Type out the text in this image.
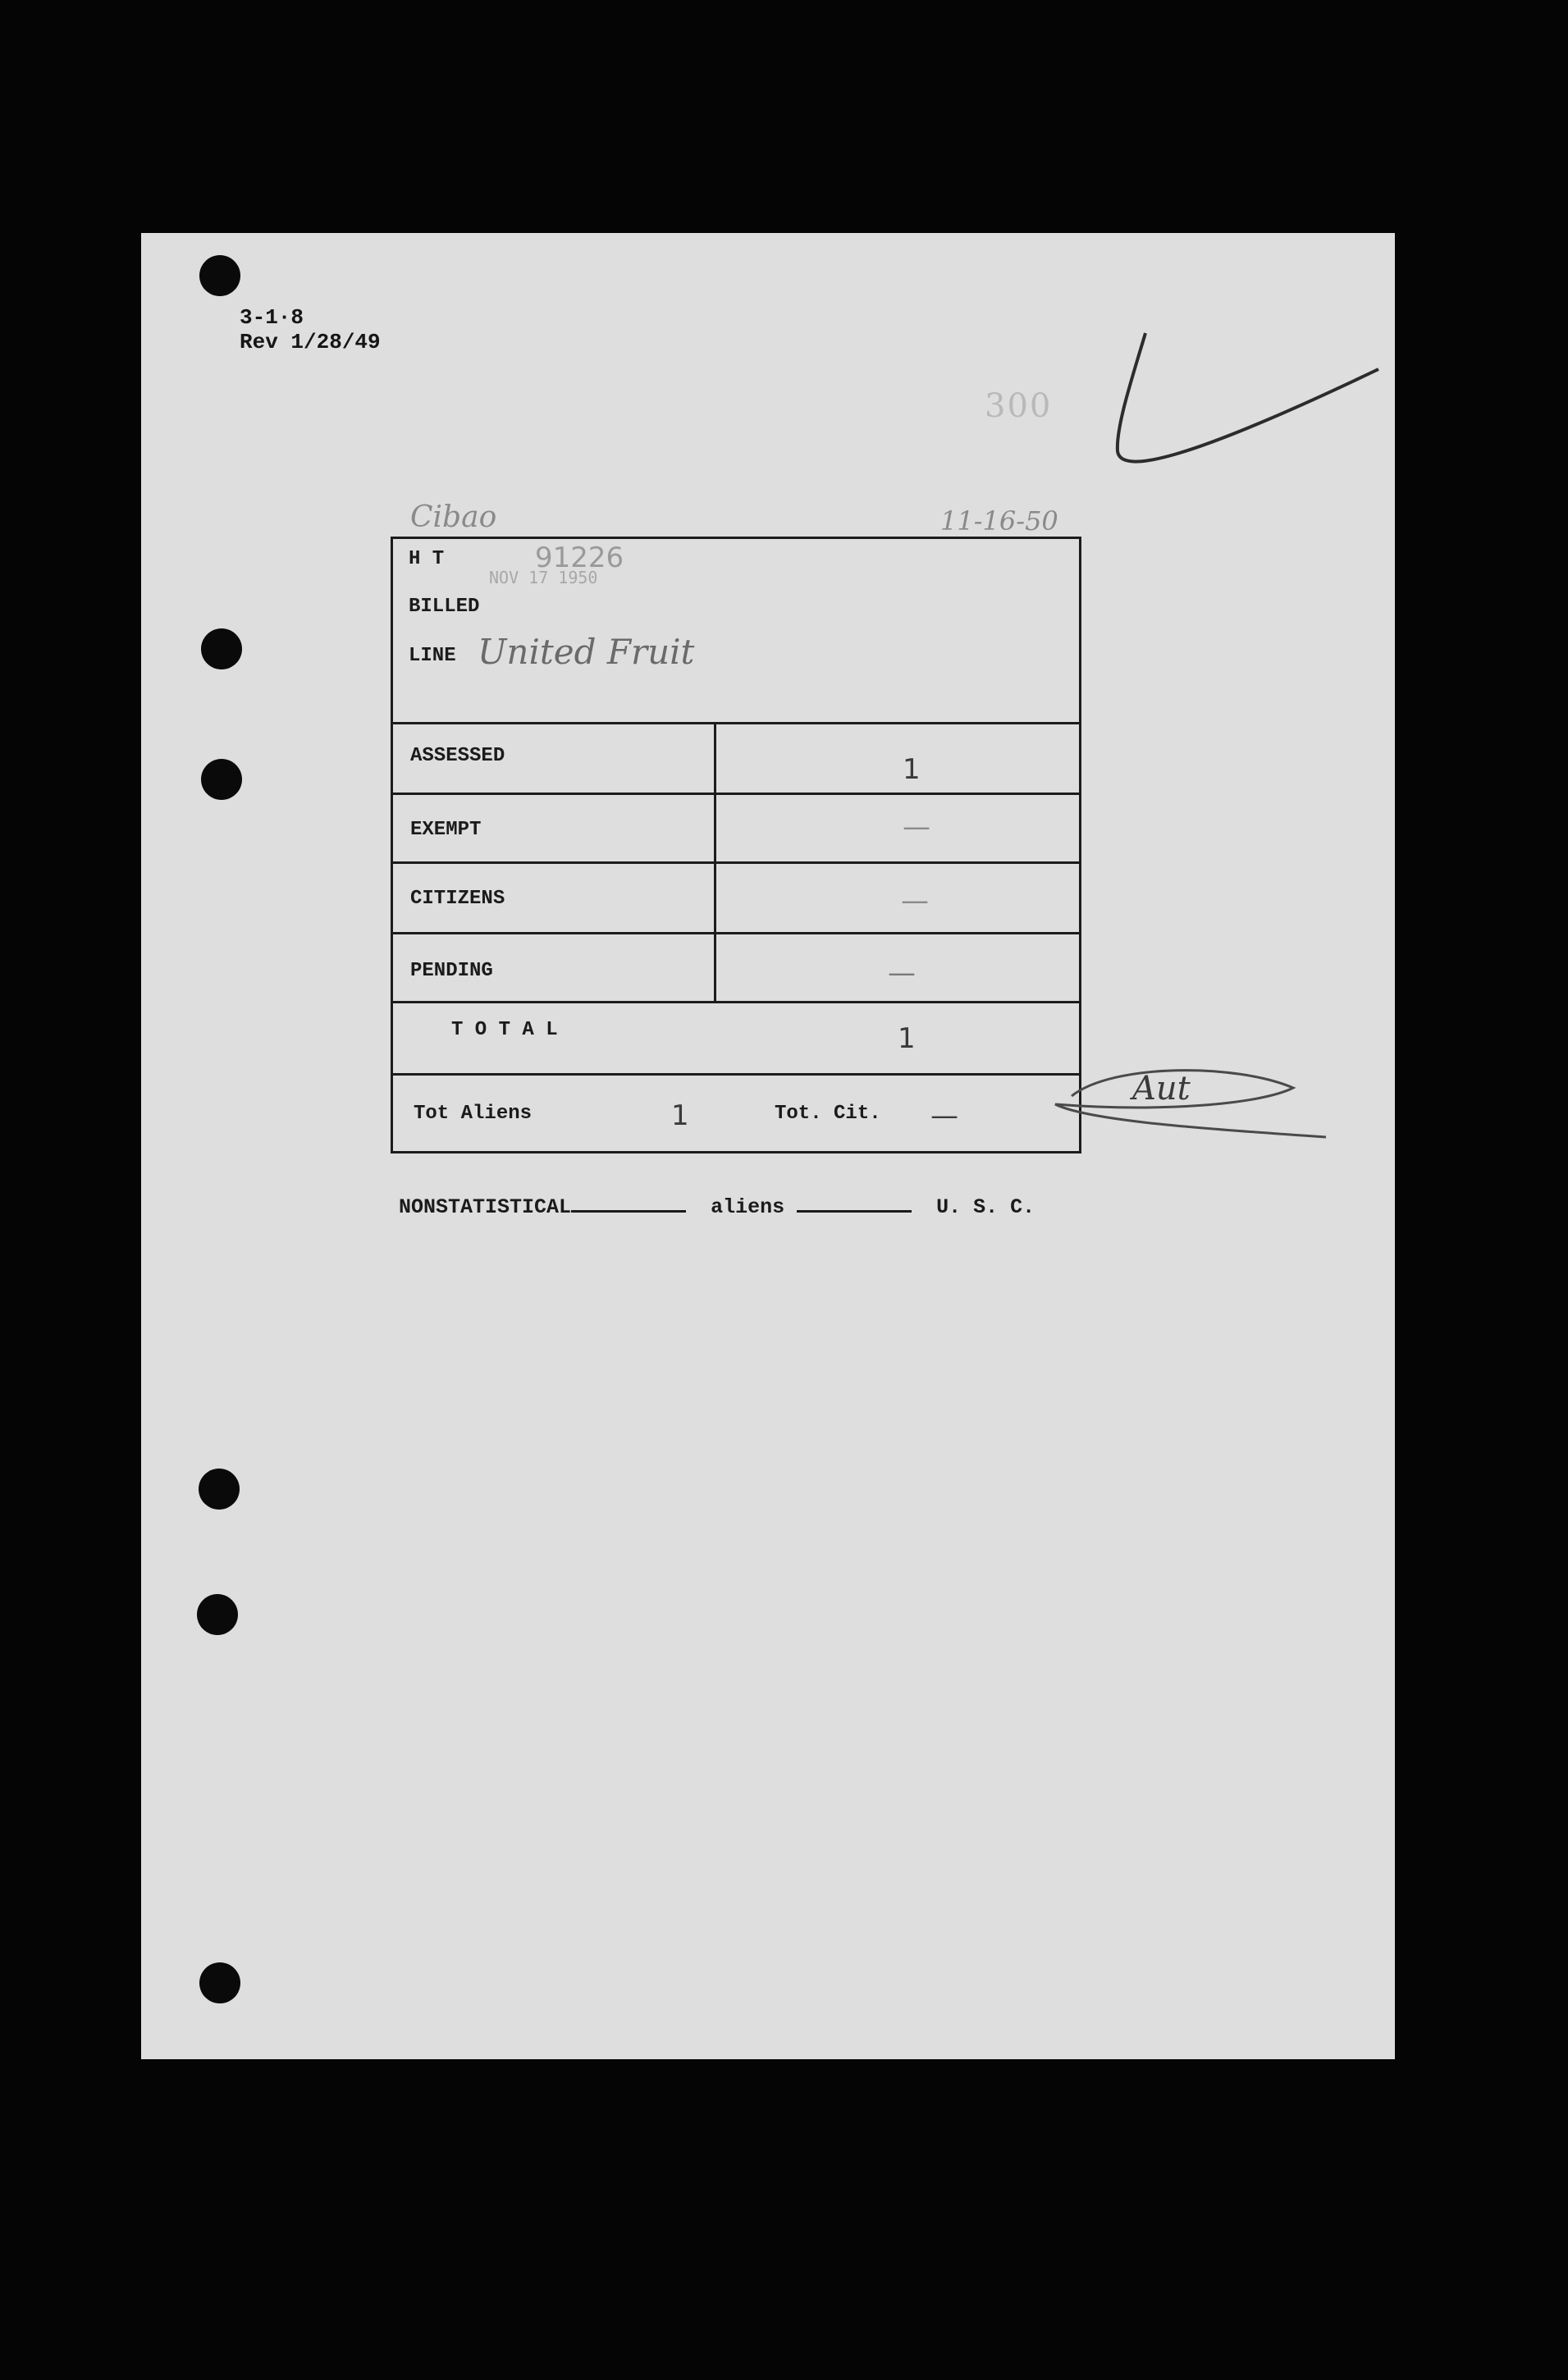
3-1·8
Rev 1/28/49
300
Cibao	11-16-50
H T	91226
NOV 17 1950
BILLED
LINE United Fruit
ASSESSED	1
EXEMPT	—
CITIZENS	—
PENDING	—
T O T A L	1
Tot Aliens	1	Tot. Cit. —
Aut

NONSTATISTICAL	aliens	U. S. C.
